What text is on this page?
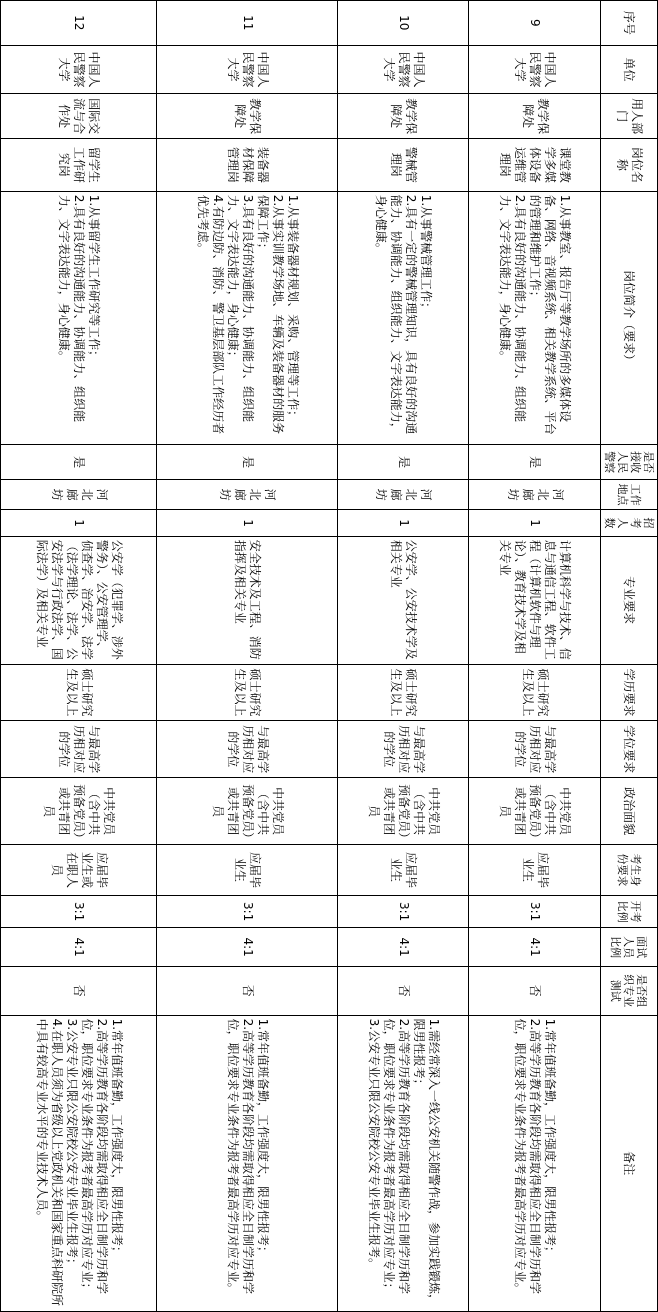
序号	单位	用人部门	岗位名称	岗位简介（要求）	是否接收人民警察	工作地点	招考人数	专业要求	学历要求	学位要求	政治面貌	考生身份要求	开考比例	面试人员比例	是否组织专业测试	备注
9	中国人民警察大学	教学保障处	课堂教学多媒体设备运维管理岗	1.从事教室、报告厅等教学场所的多媒体设备、网络、音视频系统、相关教学系统、平台的管理和维护工作；
2.具有良好的沟通能力、协调能力、组织能力、文字表达能力，身心健康。	是	河北廊坊	1	计算机科学与技术、信息与通信工程、软件工程（计算机软件与理论）、教育技术学及相关专业	硕士研究生及以上	与最高学历相对应的学位	中共党员（含中共预备党员）或共青团员	应届毕业生	3:1	4:1	否	1.常年值班备勤，工作强度大，限男性报考；
2.高等学历教育各阶段均需取得相应全日制学历和学位，职位要求专业条件为报考者最高学历对应专业。
10	中国人民警察大学	教学保障处	警械管理岗	1.从事警械管理工作；
2.具有一定的警械管理知识，具有良好的沟通能力、协调能力、组织能力、文字表达能力，身心健康。	是	河北廊坊	1	公安学、公安技术学及相关专业	硕士研究生及以上	与最高学历相对应的学位	中共党员（含中共预备党员）或共青团员	应届毕业生	3:1	4:1	否	1.需经常深入一线公安机关随警作战，参加实践锻炼，限男性报考；
2.高等学历教育各阶段均需取得相应全日制学历和学位，职位要求专业条件为报考者最高学历对应专业；
3.公安专业只限公安院校公安专业毕业生报考。
11	中国人民警察大学	教学保障处	装备器材保障管理岗	1.从事装备器材规划、采购、管理等工作；
2.从事实训教学场地、车辆及装备器材的服务保障工作；
3.具有良好的沟通能力、协调能力、组织能力、文字表达能力，身心健康；
4.有防边防、消防、警卫基层部队工作经历者优先考虑。	是	河北廊坊	1	安全技术及工程、消防指挥及相关专业	硕士研究生及以上	与最高学历相对应的学位	中共党员（含中共预备党员）或共青团员	应届毕业生	3:1	4:1	否	1.常年值班备勤，工作强度大，限男性报考；
2.高等学历教育各阶段均需取得相应全日制学历和学位，职位要求专业条件为报考者最高学历对应专业。
12	中国人民警察大学	国际交流与合作处	留学生工作研究岗	1.从事留学生工作研究等工作；
2.具有良好的沟通能力、协调能力、组织能力、文字表达能力，身心健康。	是	河北廊坊	1	公安学（犯罪学、涉外警务）、公安管理学、侦查学、治安学、法学（法学理论、法学、公安法学与行政法学、国际法学）及相关专业	硕士研究生及以上	与最高学历相对应的学位	中共党员（含中共预备党员）或共青团员	应届毕业生或在职人员	3:1	4:1	否	1.常年值班备勤，工作强度大，限男性报考；
2.高等学历教育各阶段均需取得相应全日制学历和学位，职位要求专业条件为报考者最高学历对应专业；
3.公安专业只限公安院校公安专业毕业生报考；
4.在职人员须为省级以上党政机关和国家重点科研院所中具有较高专业水平的专业技术人员。
